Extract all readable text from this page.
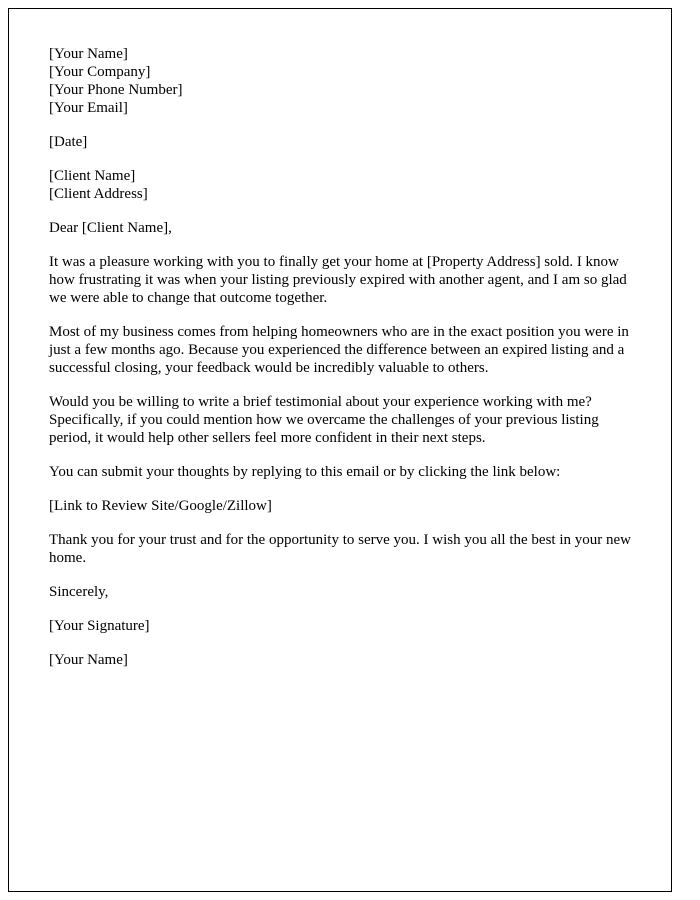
[Your Name]
[Your Company]
[Your Phone Number]
[Your Email]
[Date]
[Client Name]
[Client Address]

Dear [Client Name],

It was a pleasure working with you to finally get your home at [Property Address] sold. I know how frustrating it was when your listing previously expired with another agent, and I am so glad we were able to change that outcome together.

Most of my business comes from helping homeowners who are in the exact position you were in just a few months ago. Because you experienced the difference between an expired listing and a successful closing, your feedback would be incredibly valuable to others.

Would you be willing to write a brief testimonial about your experience working with me? Specifically, if you could mention how we overcame the challenges of your previous listing period, it would help other sellers feel more confident in their next steps.

You can submit your thoughts by replying to this email or by clicking the link below:

[Link to Review Site/Google/Zillow]

Thank you for your trust and for the opportunity to serve you. I wish you all the best in your new home.

Sincerely,

[Your Signature]

[Your Name]
